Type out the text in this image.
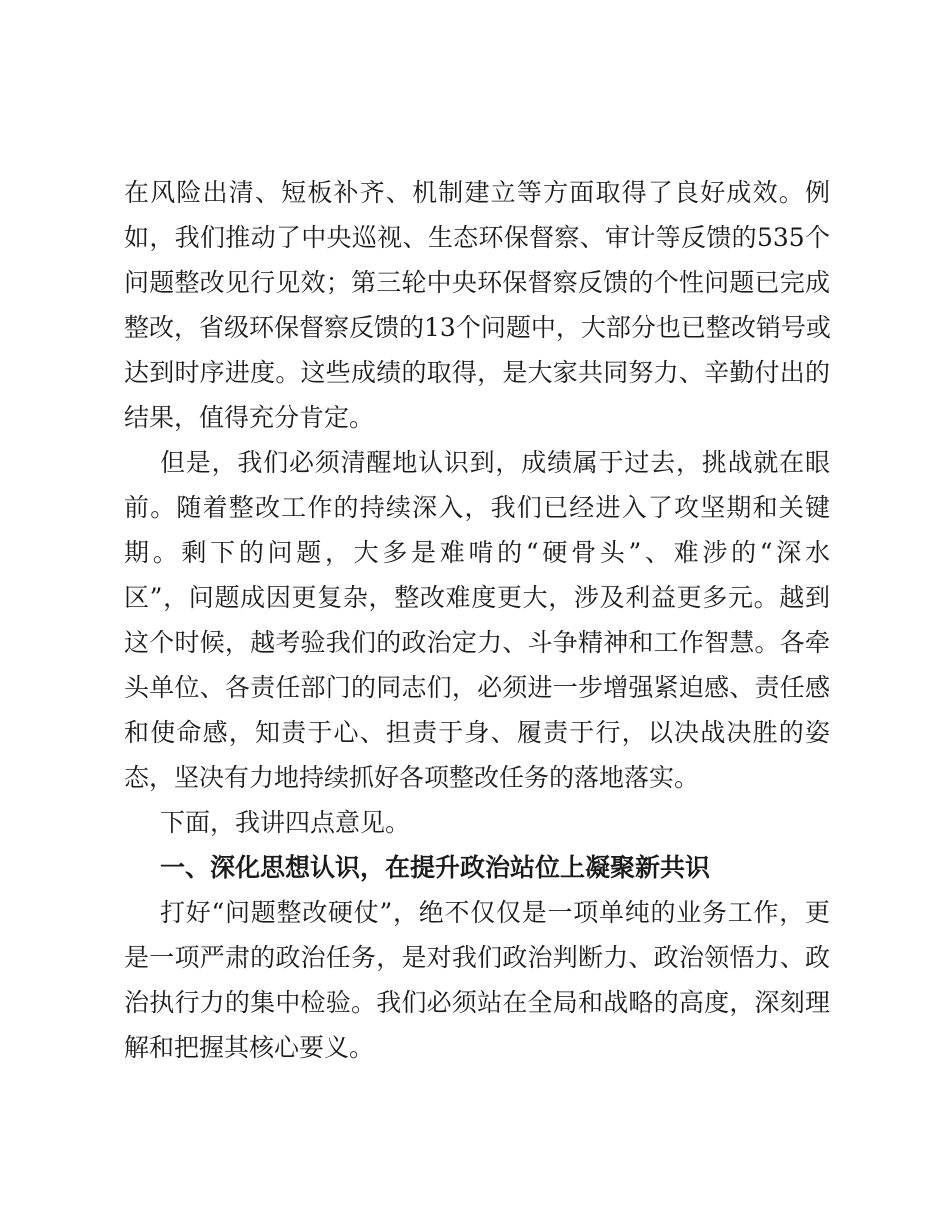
在风险出清、短板补齐、机制建立等方面取得了良好成效。例
如，我们推动了中央巡视、生态环保督察、审计等反馈的535个
问题整改见行见效；第三轮中央环保督察反馈的个性问题已完成
整改，省级环保督察反馈的13个问题中，大部分也已整改销号或
达到时序进度。这些成绩的取得，是大家共同努力、辛勤付出的
结果，值得充分肯定。
但是，我们必须清醒地认识到，成绩属于过去，挑战就在眼
前。随着整改工作的持续深入，我们已经进入了攻坚期和关键
期。剩下的问题，大多是难啃的“硬骨头”、难涉的“深水
区”，问题成因更复杂，整改难度更大，涉及利益更多元。越到
这个时候，越考验我们的政治定力、斗争精神和工作智慧。各牵
头单位、各责任部门的同志们，必须进一步增强紧迫感、责任感
和使命感，知责于心、担责于身、履责于行，以决战决胜的姿
态，坚决有力地持续抓好各项整改任务的落地落实。
下面，我讲四点意见。
一、深化思想认识，在提升政治站位上凝聚新共识
打好“问题整改硬仗”，绝不仅仅是一项单纯的业务工作，更
是一项严肃的政治任务，是对我们政治判断力、政治领悟力、政
治执行力的集中检验。我们必须站在全局和战略的高度，深刻理
解和把握其核心要义。
